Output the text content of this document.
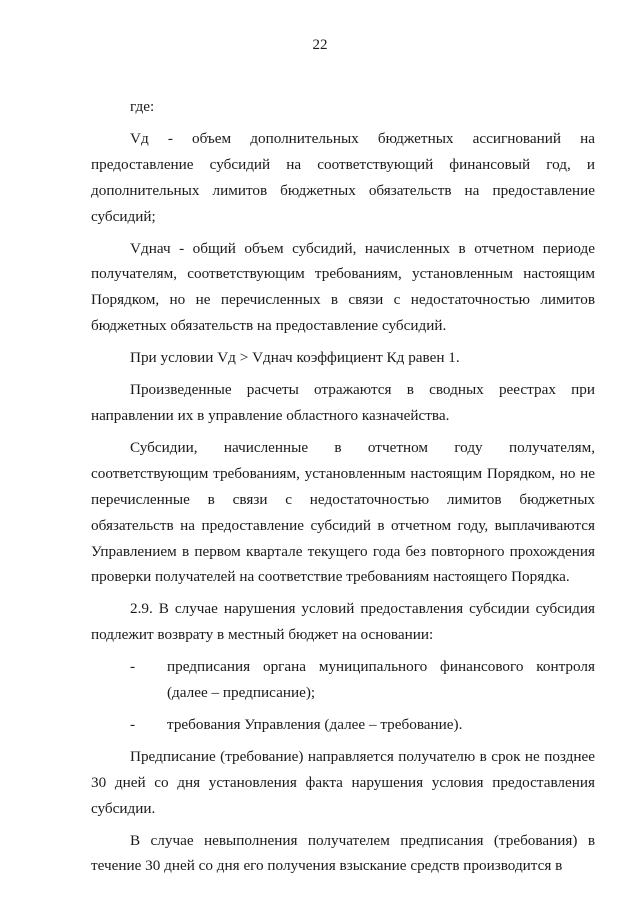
22

где:

Vд - объем дополнительных бюджетных ассигнований на предоставление субсидий на соответствующий финансовый год, и дополнительных лимитов бюджетных обязательств на предоставление субсидий;

Vднач - общий объем субсидий, начисленных в отчетном периоде получателям, соответствующим требованиям, установленным настоящим Порядком, но не перечисленных в связи с недостаточностью лимитов бюджетных обязательств на предоставление субсидий.

При условии Vд > Vднач коэффициент Кд равен 1.

Произведенные расчеты отражаются в сводных реестрах при направлении их в управление областного казначейства.

Субсидии, начисленные в отчетном году получателям, соответствующим требованиям, установленным настоящим Порядком, но не перечисленные в связи с недостаточностью лимитов бюджетных обязательств на предоставление субсидий в отчетном году, выплачиваются Управлением в первом квартале текущего года без повторного прохождения проверки получателей на соответствие требованиям настоящего Порядка.

2.9. В случае нарушения условий предоставления субсидии субсидия подлежит возврату в местный бюджет на основании:

-	предписания органа муниципального финансового контроля (далее – предписание);
-	требования Управления (далее – требование).

Предписание (требование) направляется получателю в срок не позднее 30 дней со дня установления факта нарушения условия предоставления субсидии.

В случае невыполнения получателем предписания (требования) в течение 30 дней со дня его получения взыскание средств производится в
